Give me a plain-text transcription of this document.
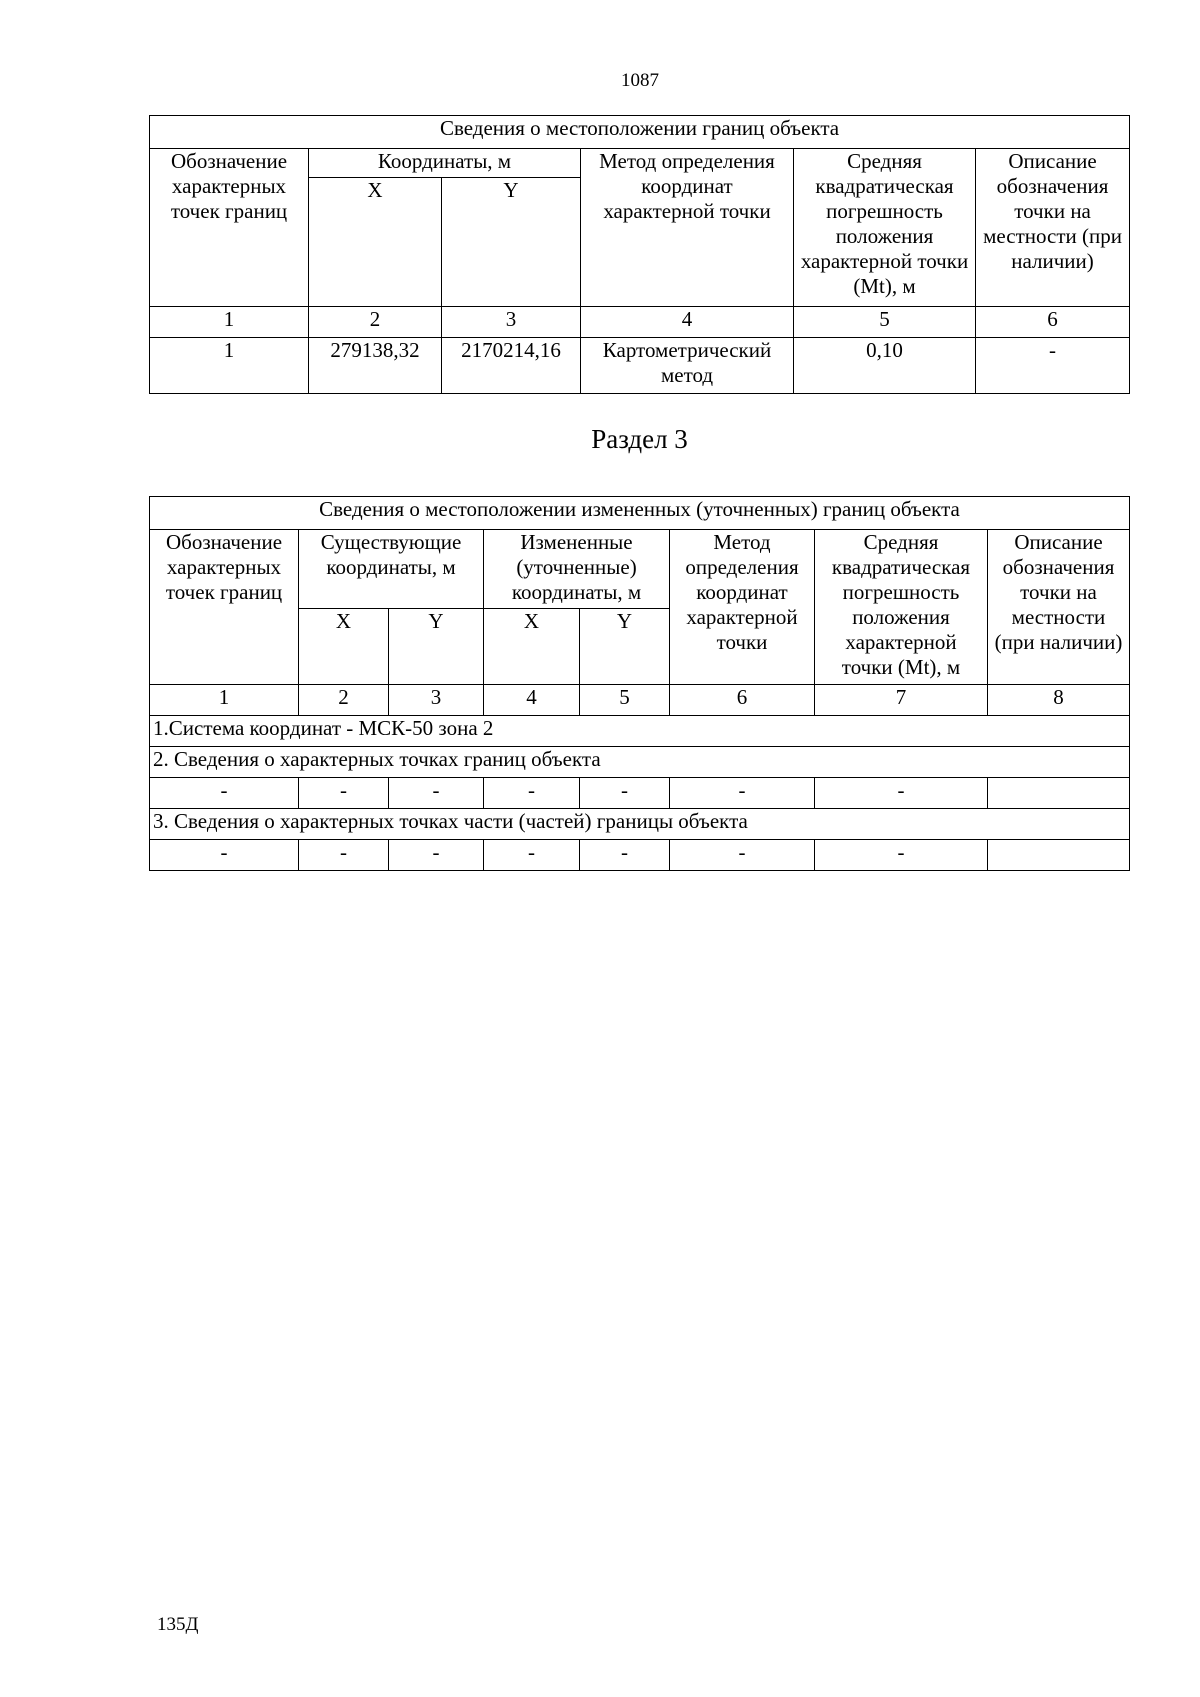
1087
Сведения о местоположении границ объекта					
Обозначение характерных точек границ	Координаты, м		Метод определения координат характерной точки	Средняя квадратическая погрешность положения характерной точки (Mt), м	Описание обозначения точки на местности (при наличии)
	X	Y			
1	2	3	4	5	6
1	279138,32	2170214,16	Картометрический метод	0,10	-
Раздел 3
Сведения о местоположении измененных (уточненных) границ объекта							
Обозначение характерных точек границ	Существующие координаты, м		Измененные (уточненные) координаты, м		Метод определения координат характерной точки	Средняя квадратическая погрешность положения характерной точки (Mt), м	Описание обозначения точки на местности (при наличии)
	X	Y	X	Y			
1	2	3	4	5	6	7	8
1.Система координат - МСК-50 зона 2							
2. Сведения о характерных точках границ объекта							
-	-	-	-	-	-	-	
3. Сведения о характерных точках части (частей) границы объекта							
-	-	-	-	-	-	-	
135Д
